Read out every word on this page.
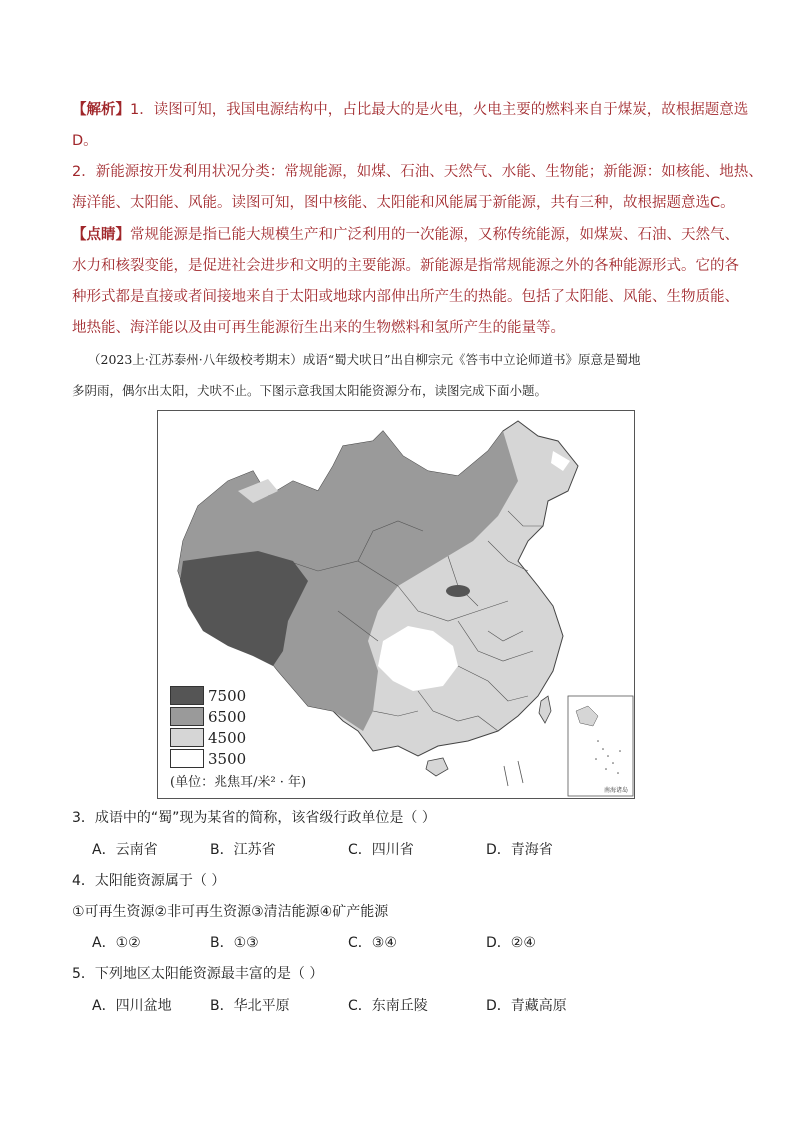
【解析】1．读图可知，我国电源结构中，占比最大的是火电，火电主要的燃料来自于煤炭，故根据题意选
D。
2．新能源按开发利用状况分类：常规能源，如煤、石油、天然气、水能、生物能；新能源：如核能、地热、
海洋能、太阳能、风能。读图可知，图中核能、太阳能和风能属于新能源，共有三种，故根据题意选C。
【点睛】常规能源是指已能大规模生产和广泛利用的一次能源，又称传统能源，如煤炭、石油、天然气、
水力和核裂变能，是促进社会进步和文明的主要能源。新能源是指常规能源之外的各种能源形式。它的各
种形式都是直接或者间接地来自于太阳或地球内部伸出所产生的热能。包括了太阳能、风能、生物质能、
地热能、海洋能以及由可再生能源衍生出来的生物燃料和氢所产生的能量等。
（2023上·江苏泰州·八年级校考期末）成语“蜀犬吠日”出自柳宗元《答韦中立论师道书》原意是蜀地
多阴雨，偶尔出太阳，犬吠不止。下图示意我国太阳能资源分布，读图完成下面小题。
7500
6500
4500
3500
(单位：兆焦耳/米² · 年)
南海诸岛
3．成语中的“蜀”现为某省的简称，该省级行政单位是（ ）
A．云南省	B．江苏省	C．四川省	D．青海省
4．太阳能资源属于（ ）
①可再生资源②非可再生资源③清洁能源④矿产能源
A．①②	B．①③	C．③④	D．②④
5．下列地区太阳能资源最丰富的是（ ）
A．四川盆地	B．华北平原	C．东南丘陵	D．青藏高原
